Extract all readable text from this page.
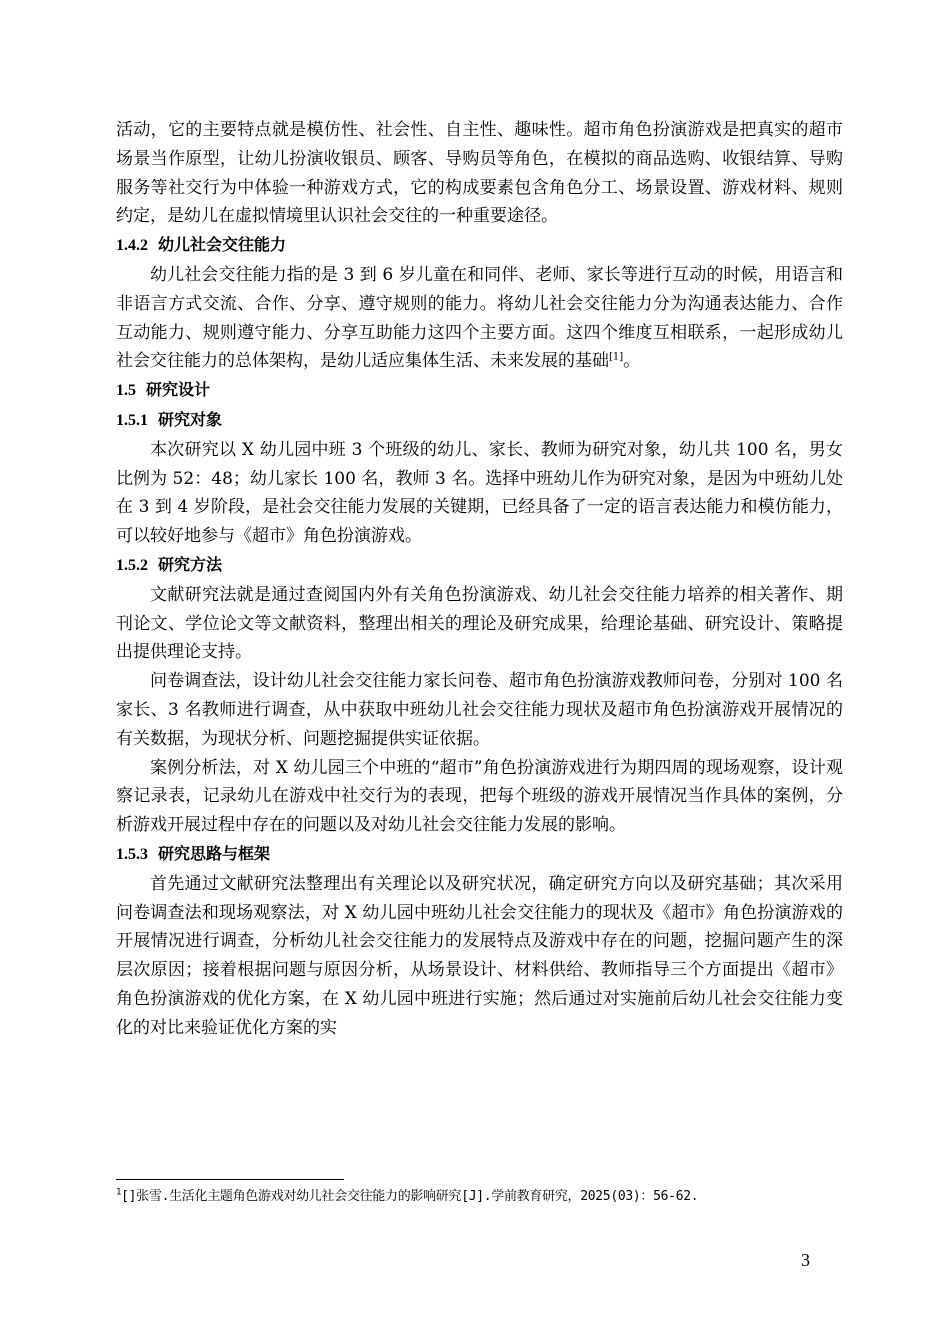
活动，它的主要特点就是模仿性、社会性、自主性、趣味性。超市角色扮演游戏是把真实的超市场景当作原型，让幼儿扮演收银员、顾客、导购员等角色，在模拟的商品选购、收银结算、导购服务等社交行为中体验一种游戏方式，它的构成要素包含角色分工、场景设置、游戏材料、规则约定，是幼儿在虚拟情境里认识社会交往的一种重要途径。

1.4.2 幼儿社会交往能力

幼儿社会交往能力指的是 3 到 6 岁儿童在和同伴、老师、家长等进行互动的时候，用语言和非语言方式交流、合作、分享、遵守规则的能力。将幼儿社会交往能力分为沟通表达能力、合作互动能力、规则遵守能力、分享互助能力这四个主要方面。这四个维度互相联系，一起形成幼儿社会交往能力的总体架构，是幼儿适应集体生活、未来发展的基础[1]。

1.5 研究设计
1.5.1 研究对象

本次研究以 X 幼儿园中班 3 个班级的幼儿、家长、教师为研究对象，幼儿共 100 名，男女比例为 52：48；幼儿家长 100 名，教师 3 名。选择中班幼儿作为研究对象，是因为中班幼儿处在 3 到 4 岁阶段，是社会交往能力发展的关键期，已经具备了一定的语言表达能力和模仿能力，可以较好地参与《超市》角色扮演游戏。

1.5.2 研究方法

文献研究法就是通过查阅国内外有关角色扮演游戏、幼儿社会交往能力培养的相关著作、期刊论文、学位论文等文献资料，整理出相关的理论及研究成果，给理论基础、研究设计、策略提出提供理论支持。

问卷调查法，设计幼儿社会交往能力家长问卷、超市角色扮演游戏教师问卷，分别对 100 名家长、3 名教师进行调查，从中获取中班幼儿社会交往能力现状及超市角色扮演游戏开展情况的有关数据，为现状分析、问题挖掘提供实证依据。

案例分析法，对 X 幼儿园三个中班的“超市”角色扮演游戏进行为期四周的现场观察，设计观察记录表，记录幼儿在游戏中社交行为的表现，把每个班级的游戏开展情况当作具体的案例，分析游戏开展过程中存在的问题以及对幼儿社会交往能力发展的影响。

1.5.3 研究思路与框架

首先通过文献研究法整理出有关理论以及研究状况，确定研究方向以及研究基础；其次采用问卷调查法和现场观察法，对 X 幼儿园中班幼儿社会交往能力的现状及《超市》角色扮演游戏的开展情况进行调查，分析幼儿社会交往能力的发展特点及游戏中存在的问题，挖掘问题产生的深层次原因；接着根据问题与原因分析，从场景设计、材料供给、教师指导三个方面提出《超市》角色扮演游戏的优化方案，在 X 幼儿园中班进行实施；然后通过对实施前后幼儿社会交往能力变化的对比来验证优化方案的实

$^1$[]张雪.生活化主题角色游戏对幼儿社会交往能力的影响研究[J].学前教育研究，2025(03)：56-62.
3
